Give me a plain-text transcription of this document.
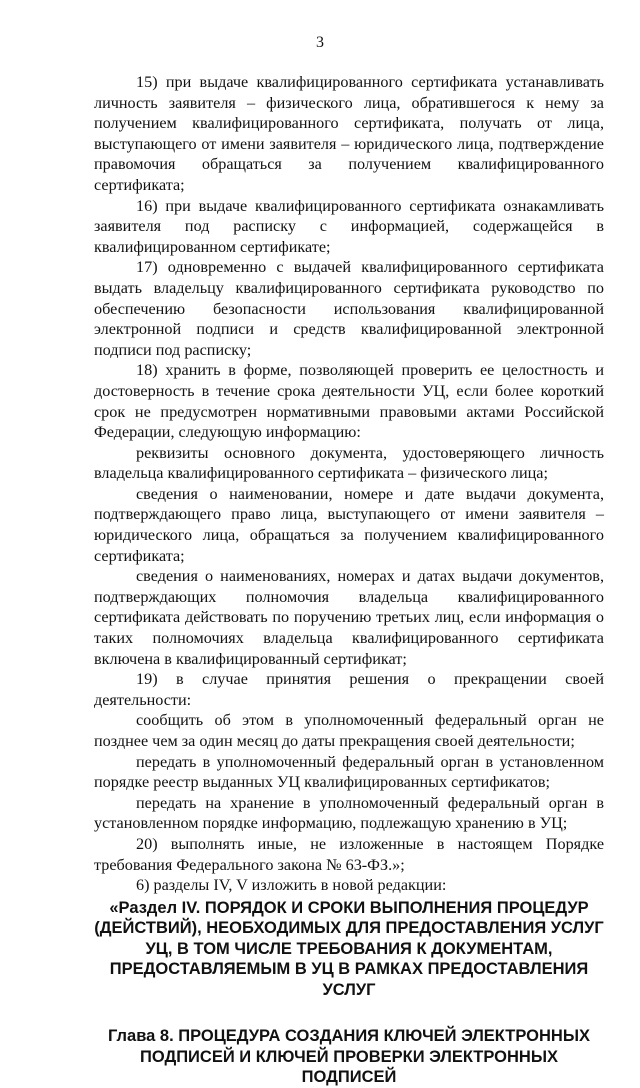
3

15) при выдаче квалифицированного сертификата устанавливать личность заявителя – физического лица, обратившегося к нему за получением квалифицированного сертификата, получать от лица, выступающего от имени заявителя – юридического лица, подтверждение правомочия обращаться за получением квалифицированного сертификата;

16) при выдаче квалифицированного сертификата ознакамливать заявителя под расписку с информацией, содержащейся в квалифицированном сертификате;

17) одновременно с выдачей квалифицированного сертификата выдать владельцу квалифицированного сертификата руководство по обеспечению безопасности использования квалифицированной электронной подписи и средств квалифицированной электронной подписи под расписку;

18) хранить в форме, позволяющей проверить ее целостность и достоверность в течение срока деятельности УЦ, если более короткий срок не предусмотрен нормативными правовыми актами Российской Федерации, следующую информацию:

реквизиты основного документа, удостоверяющего личность владельца квалифицированного сертификата – физического лица;

сведения о наименовании, номере и дате выдачи документа, подтверждающего право лица, выступающего от имени заявителя – юридического лица, обращаться за получением квалифицированного сертификата;

сведения о наименованиях, номерах и датах выдачи документов, подтверждающих полномочия владельца квалифицированного сертификата действовать по поручению третьих лиц, если информация о таких полномочиях владельца квалифицированного сертификата включена в квалифицированный сертификат;

19) в случае принятия решения о прекращении своей деятельности:

сообщить об этом в уполномоченный федеральный орган не позднее чем за один месяц до даты прекращения своей деятельности;

передать в уполномоченный федеральный орган в установленном порядке реестр выданных УЦ квалифицированных сертификатов;

передать на хранение в уполномоченный федеральный орган в установленном порядке информацию, подлежащую хранению в УЦ;

20) выполнять иные, не изложенные в настоящем Порядке требования Федерального закона № 63-ФЗ.»;

6) разделы IV, V изложить в новой редакции:

«Раздел IV. ПОРЯДОК И СРОКИ ВЫПОЛНЕНИЯ ПРОЦЕДУР (ДЕЙСТВИЙ), НЕОБХОДИМЫХ ДЛЯ ПРЕДОСТАВЛЕНИЯ УСЛУГ УЦ, В ТОМ ЧИСЛЕ ТРЕБОВАНИЯ К ДОКУМЕНТАМ, ПРЕДОСТАВЛЯЕМЫМ В УЦ В РАМКАХ ПРЕДОСТАВЛЕНИЯ УСЛУГ
Глава 8. ПРОЦЕДУРА СОЗДАНИЯ КЛЮЧЕЙ ЭЛЕКТРОННЫХ ПОДПИСЕЙ И КЛЮЧЕЙ ПРОВЕРКИ ЭЛЕКТРОННЫХ ПОДПИСЕЙ
